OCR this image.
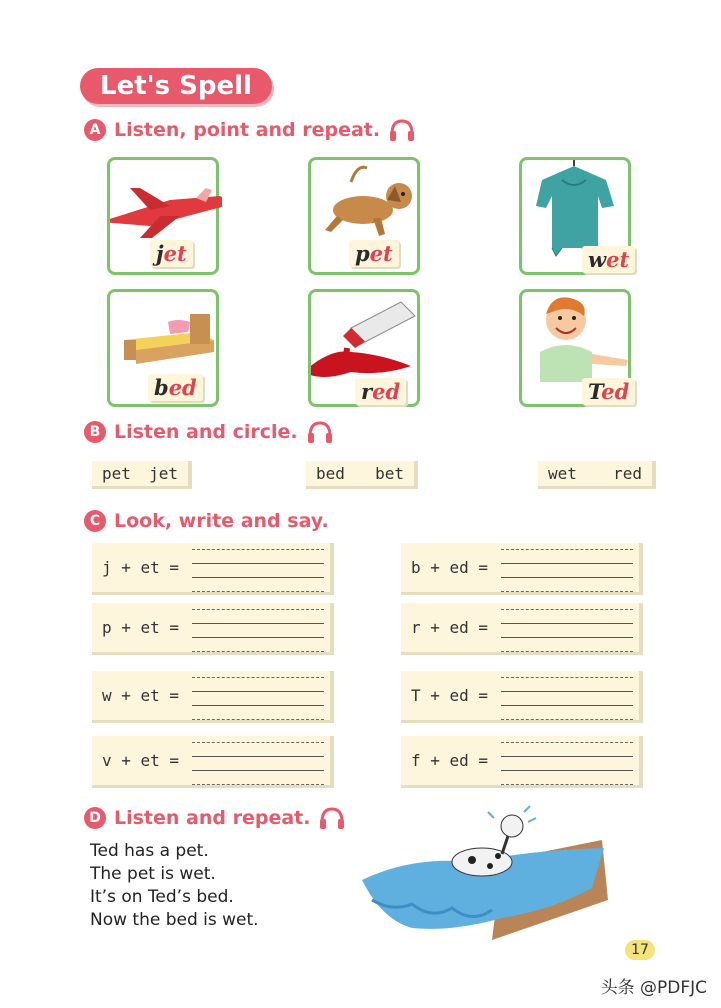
Let's Spell
A Listen, point and repeat.
jet	pet	wet
bed	red	Ted
B Listen and circle.
pet jet	bed bet	wet red
C Look, write and say.
j + et =	b + ed =
p + et =	r + ed =
w + et =	T + ed =
v + et =	f + ed =
D Listen and repeat.
Ted has a pet.
The pet is wet.
It’s on Ted’s bed.
Now the bed is wet.
17
头条 @PDFJC
